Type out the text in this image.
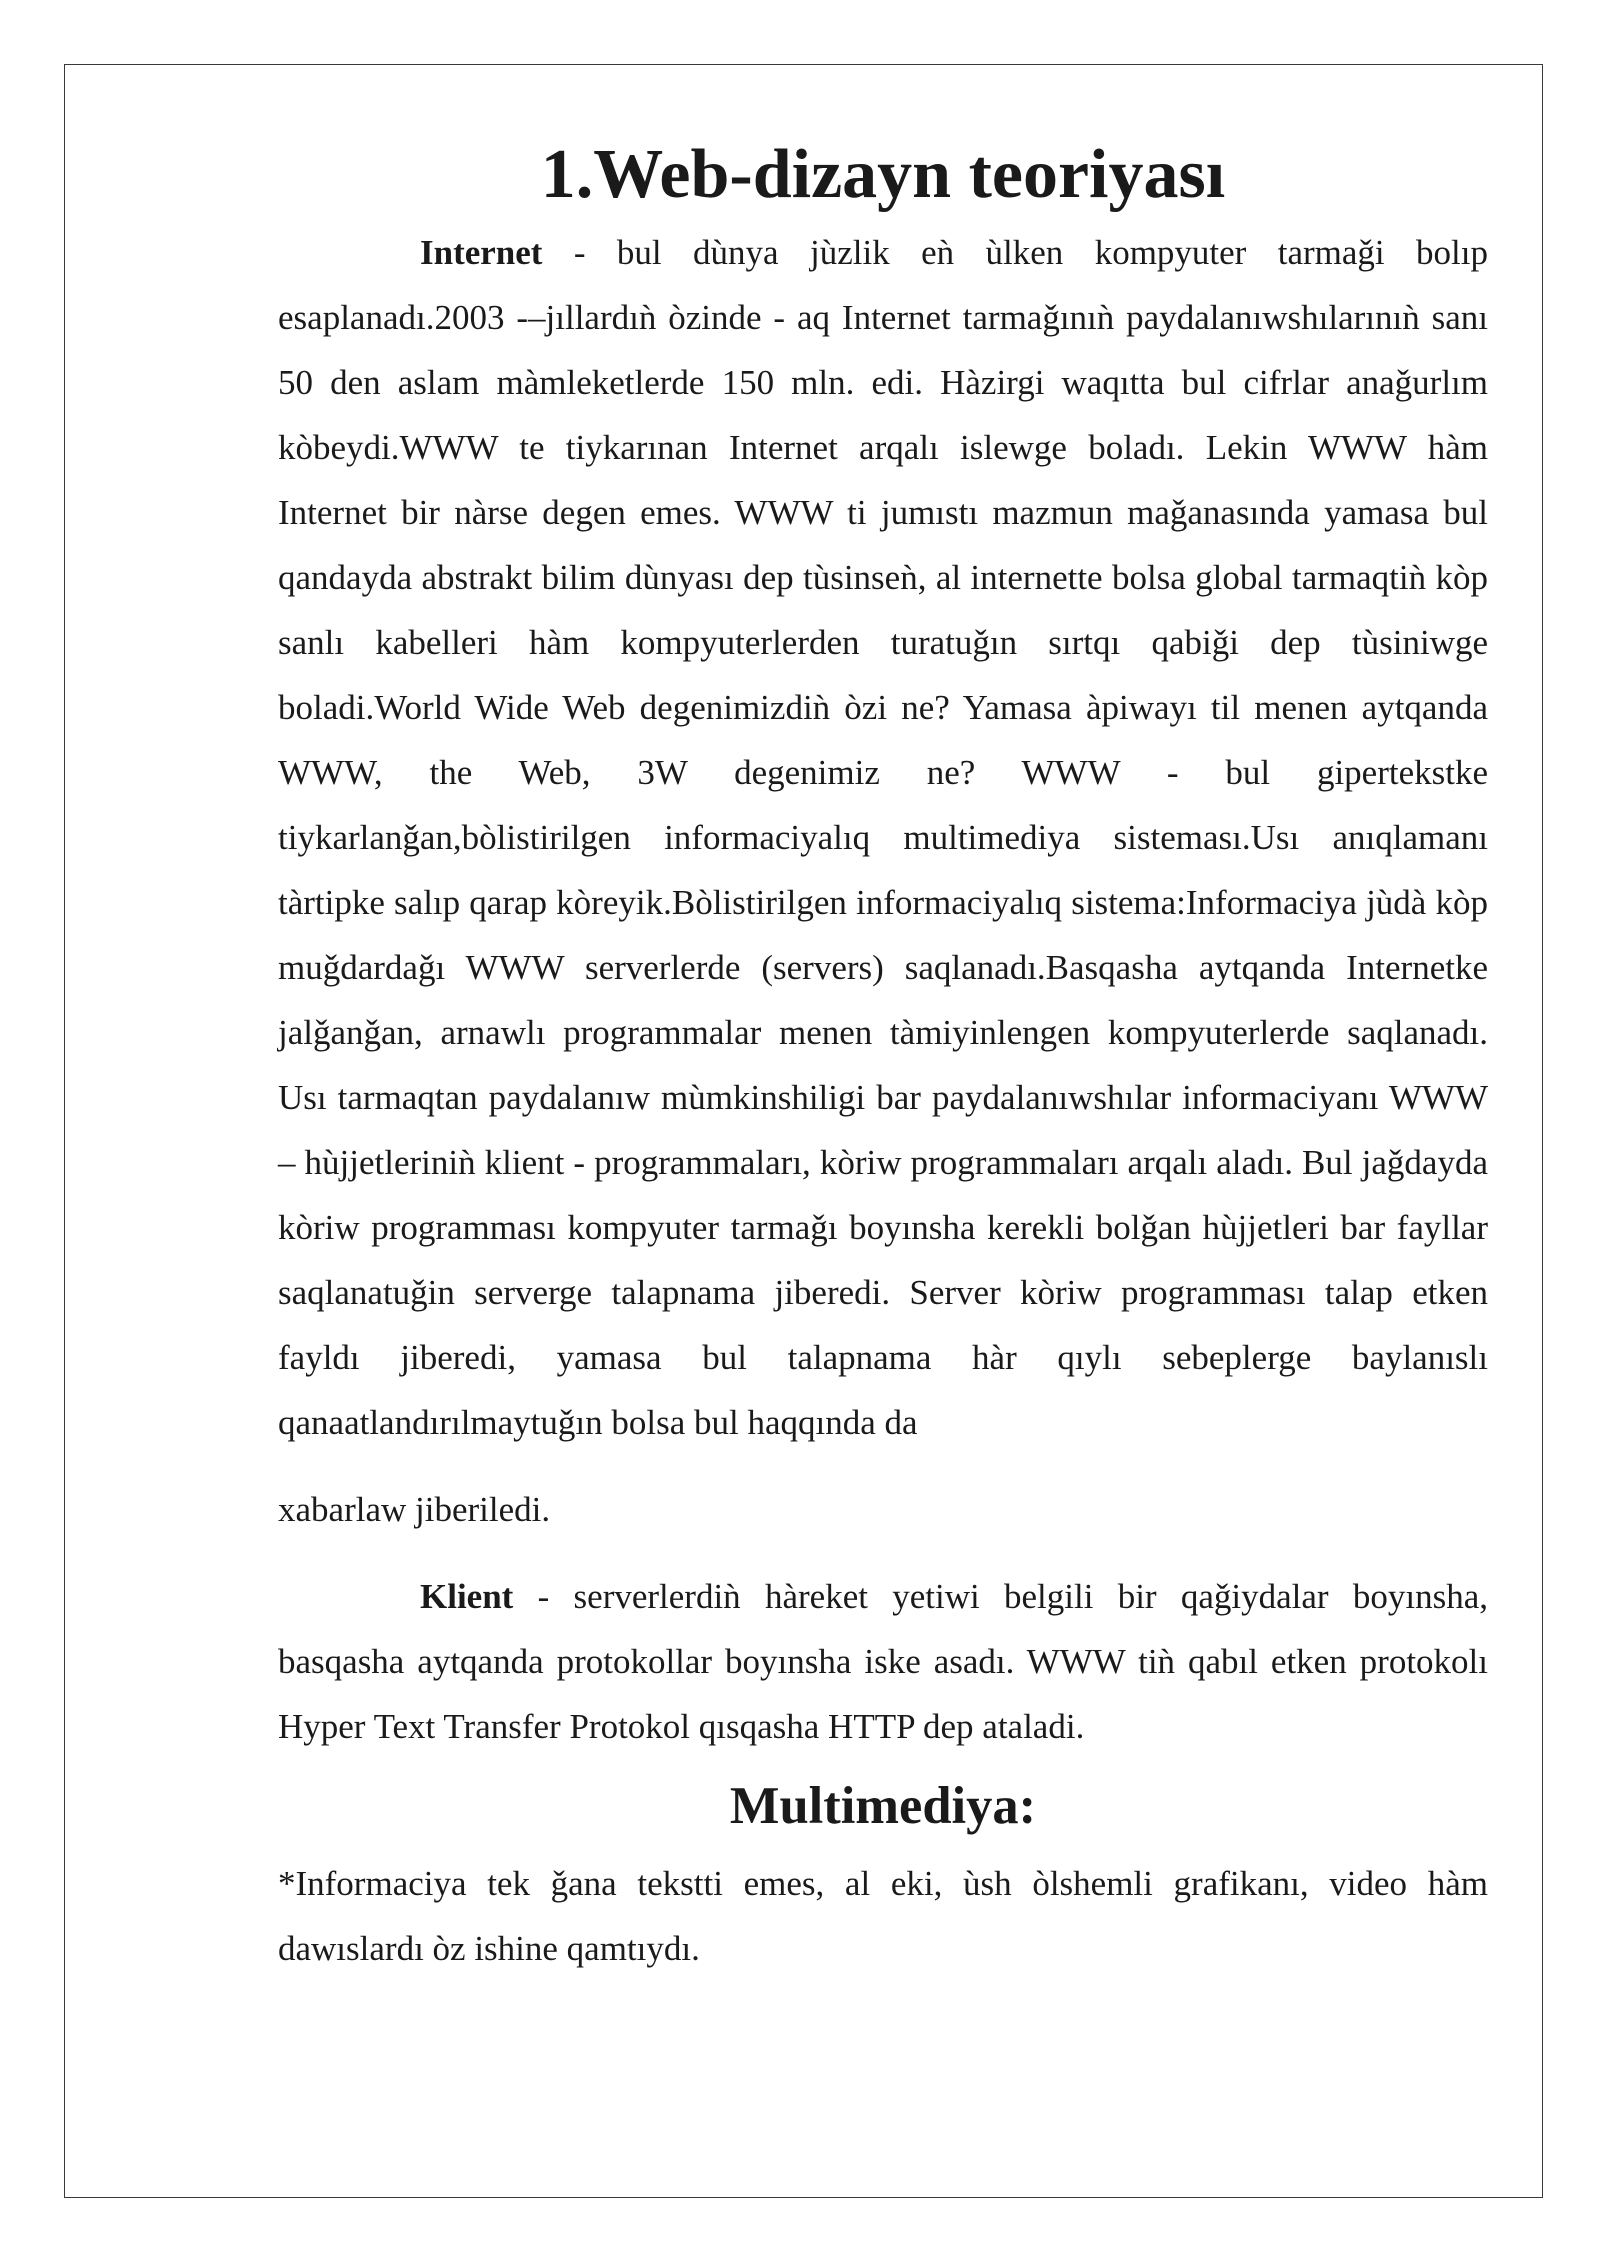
1.Web-dizayn teoriyası

Internet - bul dùnya jùzlik eǹ ùlken kompyuter tarmaǧi bolıp esaplanadı.2003 -–jıllardıǹ òzinde - aq Internet tarmaǧınıǹ paydalanıwshılarınıǹ sanı 50 den aslam màmleketlerde 150 mln. edi. Hàzirgi waqıtta bul cifrlar anaǧurlım kòbeydi.WWW te tiykarınan Internet arqalı islewge boladı. Lekin WWW hàm Internet bir nàrse degen emes. WWW ti jumıstı mazmun maǧanasında yamasa bul qandayda abstrakt bilim dùnyası dep tùsinseǹ, al internette bolsa global tarmaqtiǹ kòp sanlı kabelleri hàm kompyuterlerden turatuǧın sırtqı qabiǧi dep tùsiniwge boladi.World Wide Web degenimizdiǹ òzi ne? Yamasa àpiwayı til menen aytqanda WWW, the Web, 3W degenimiz ne? WWW - bul gipertekstke tiykarlanǧan,bòlistirilgen informaciyalıq multimediya sisteması.Usı anıqlamanı tàrtipke salıp qarap kòreyik.Bòlistirilgen informaciyalıq sistema:Informaciya jùdà kòp muǧdardaǧı WWW serverlerde (servers) saqlanadı.Basqasha aytqanda Internetke jalǧanǧan, arnawlı programmalar menen tàmiyinlengen kompyuterlerde saqlanadı. Usı tarmaqtan paydalanıw mùmkinshiligi bar paydalanıwshılar informaciyanı WWW – hùjjetleriniǹ klient - programmaları, kòriw programmaları arqalı aladı. Bul jaǧdayda kòriw programması kompyuter tarmaǧı boyınsha kerekli bolǧan hùjjetleri bar fayllar saqlanatuǧin serverge talapnama jiberedi. Server kòriw programması talap etken fayldı jiberedi, yamasa bul talapnama hàr qıylı sebeplerge baylanıslı qanaatlandırılmaytuǧın bolsa bul haqqında da

xabarlaw jiberiledi.

Klient - serverlerdiǹ hàreket yetiwi belgili bir qaǧiydalar boyınsha, basqasha aytqanda protokollar boyınsha iske asadı. WWW tiǹ qabıl etken protokolı Hyper Text Transfer Protokol qısqasha HTTP dep ataladi.

Multimediya:

*Informaciya tek ǧana tekstti emes, al eki, ùsh òlshemli grafikanı, video hàm dawıslardı òz ishine qamtıydı.
